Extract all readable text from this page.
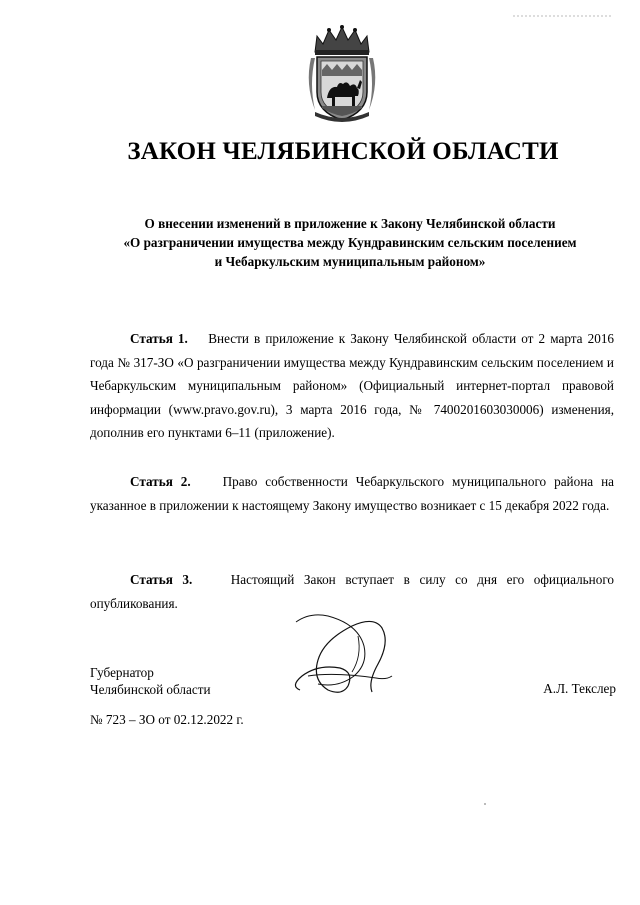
ЗАКОН ЧЕЛЯБИНСКОЙ ОБЛАСТИ
О внесении изменений в приложение к Закону Челябинской области
«О разграничении имущества между Кундравинским сельским поселением
и Чебаркульским муниципальным районом»
Статья 1. Внести в приложение к Закону Челябинской области от 2 марта 2016 года № 317-ЗО «О разграничении имущества между Кундравинским сельским поселением и Чебаркульским муниципальным районом» (Официальный интернет-портал правовой информации (www.pravo.gov.ru), 3 марта 2016 года, № 7400201603030006) изменения, дополнив его пунктами 6–11 (приложение).
Статья 2. Право собственности Чебаркульского муниципального района на указанное в приложении к настоящему Закону имущество возникает с 15 декабря 2022 года.
Статья 3.	Настоящий Закон вступает в силу со дня его официального опубликования.
Губернатор
Челябинской области	А.Л. Текслер
№ 723 – ЗО от 02.12.2022 г.
